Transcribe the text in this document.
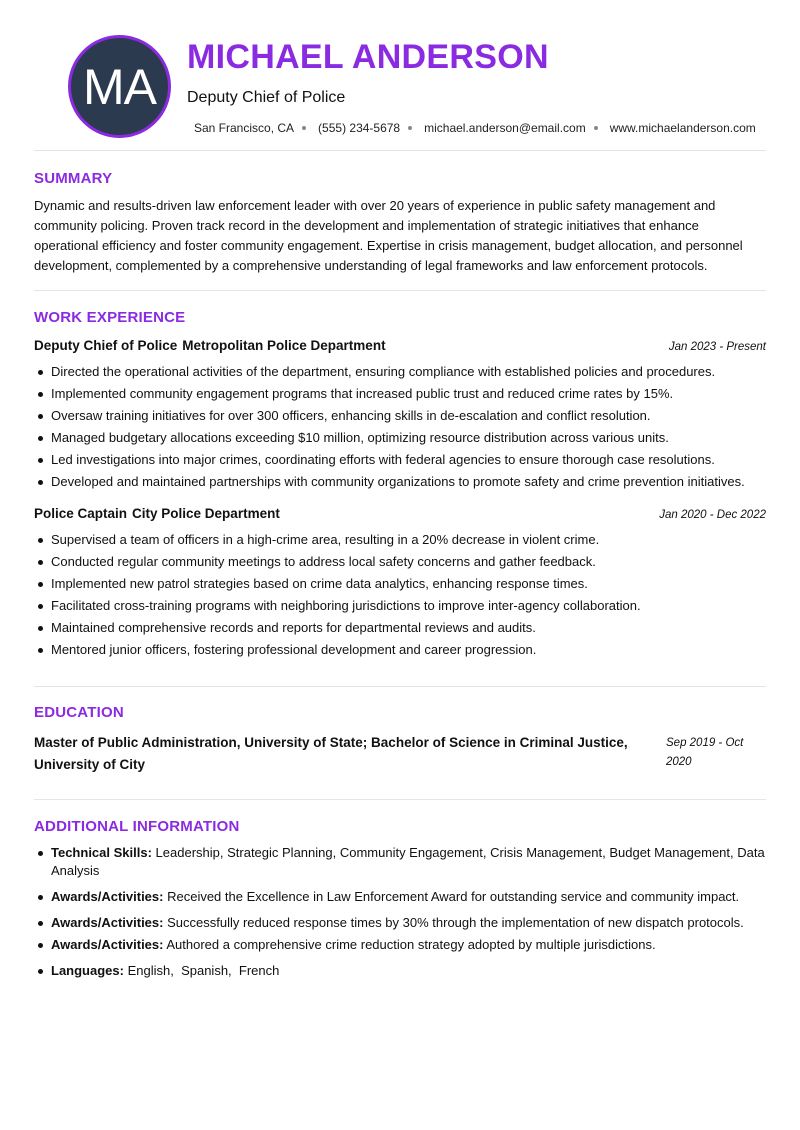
MA
MICHAEL ANDERSON
Deputy Chief of Police
San Francisco, CA (555) 234-5678 michael.anderson@email.com www.michaelanderson.com
SUMMARY

Dynamic and results-driven law enforcement leader with over 20 years of experience in public safety management and community policing. Proven track record in the development and implementation of strategic initiatives that enhance operational efficiency and foster community engagement. Expertise in crisis management, budget allocation, and personnel development, complemented by a comprehensive understanding of legal frameworks and law enforcement protocols.

WORK EXPERIENCE
Deputy Chief of Police Metropolitan Police Department	Jan 2023 - Present
Directed the operational activities of the department, ensuring compliance with established policies and procedures.
Implemented community engagement programs that increased public trust and reduced crime rates by 15%.
Oversaw training initiatives for over 300 officers, enhancing skills in de-escalation and conflict resolution.
Managed budgetary allocations exceeding $10 million, optimizing resource distribution across various units.
Led investigations into major crimes, coordinating efforts with federal agencies to ensure thorough case resolutions.
Developed and maintained partnerships with community organizations to promote safety and crime prevention initiatives.
Police Captain City Police Department	Jan 2020 - Dec 2022
Supervised a team of officers in a high-crime area, resulting in a 20% decrease in violent crime.
Conducted regular community meetings to address local safety concerns and gather feedback.
Implemented new patrol strategies based on crime data analytics, enhancing response times.
Facilitated cross-training programs with neighboring jurisdictions to improve inter-agency collaboration.
Maintained comprehensive records and reports for departmental reviews and audits.
Mentored junior officers, fostering professional development and career progression.
EDUCATION
Master of Public Administration, University of State; Bachelor of Science in Criminal Justice, University of City
Sep 2019 - Oct 2020
ADDITIONAL INFORMATION
Technical Skills: Leadership, Strategic Planning, Community Engagement, Crisis Management, Budget Management, Data Analysis
Awards/Activities: Received the Excellence in Law Enforcement Award for outstanding service and community impact.
Awards/Activities: Successfully reduced response times by 30% through the implementation of new dispatch protocols.
Awards/Activities: Authored a comprehensive crime reduction strategy adopted by multiple jurisdictions.
Languages: English,  Spanish,  French
